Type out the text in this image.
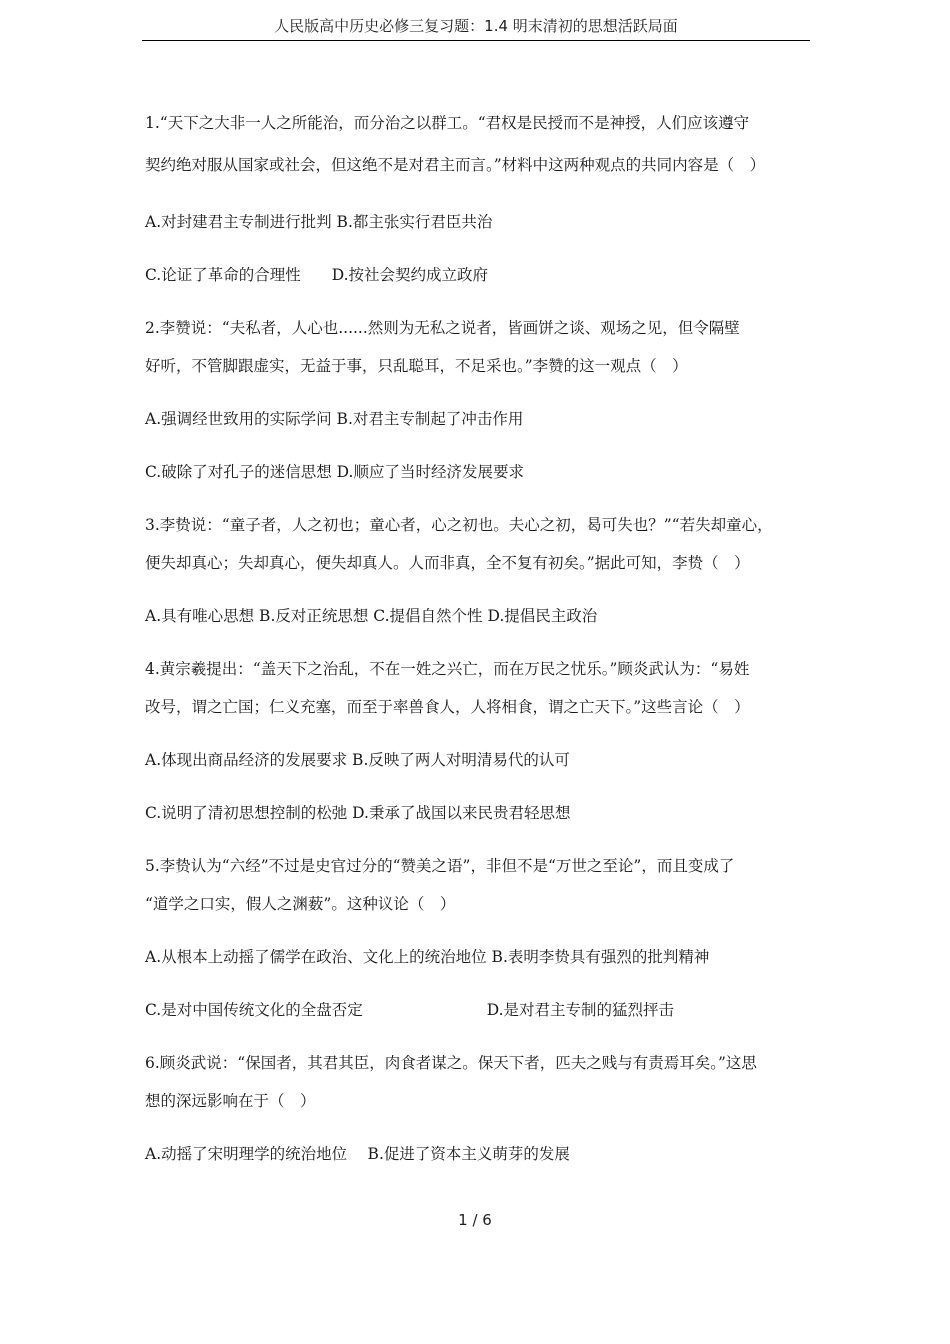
人民版高中历史必修三复习题：1.4 明末清初的思想活跃局面
1.“天下之大非一人之所能治，而分治之以群工。“君权是民授而不是神授，人们应该遵守
契约绝对服从国家或社会，但这绝不是对君主而言。”材料中这两种观点的共同内容是（　）
A.对封建君主专制进行批判 B.都主张实行君臣共治
C.论证了革命的合理性　　D.按社会契约成立政府
2.李赞说：“夫私者，人心也......然则为无私之说者，皆画饼之谈、观场之见，但令隔壁
好听，不管脚跟虚实，无益于事，只乱聪耳，不足采也。”李赞的这一观点（　）
A.强调经世致用的实际学问 B.对君主专制起了冲击作用
C.破除了对孔子的迷信思想 D.顺应了当时经济发展要求
3.李贽说：“童子者，人之初也；童心者，心之初也。夫心之初，曷可失也？”“若失却童心，
便失却真心；失却真心，便失却真人。人而非真，全不复有初矣。”据此可知，李贽（　）
A.具有唯心思想 B.反对正统思想 C.提倡自然个性 D.提倡民主政治
4.黄宗羲提出：“盖天下之治乱，不在一姓之兴亡，而在万民之忧乐。”顾炎武认为：“易姓
改号，谓之亡国；仁义充塞，而至于率兽食人，人将相食，谓之亡天下。”这些言论（　）
A.体现出商品经济的发展要求 B.反映了两人对明清易代的认可
C.说明了清初思想控制的松弛 D.秉承了战国以来民贵君轻思想
5.李贽认为“六经”不过是史官过分的“赞美之语”，非但不是“万世之至论”，而且变成了
“道学之口实，假人之渊薮”。这种议论（　）
A.从根本上动摇了儒学在政治、文化上的统治地位 B.表明李贽具有强烈的批判精神
C.是对中国传统文化的全盘否定　　　　　　　　D.是对君主专制的猛烈抨击
6.顾炎武说：“保国者，其君其臣，肉食者谋之。保天下者，匹夫之贱与有责焉耳矣。”这思
想的深远影响在于（　）
A.动摇了宋明理学的统治地位　 B.促进了资本主义萌芽的发展
1 / 6
